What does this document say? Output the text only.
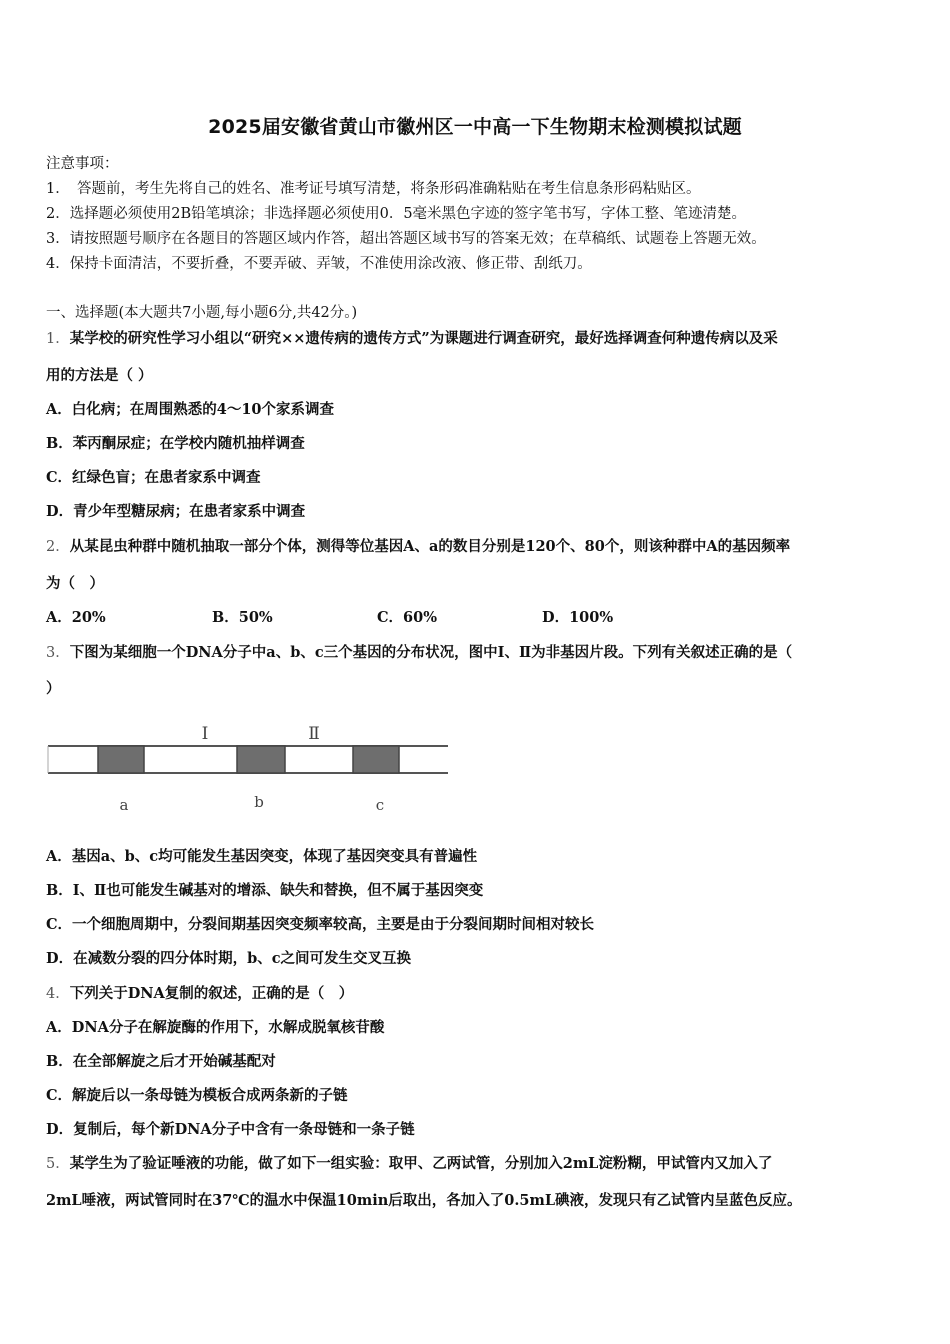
2025届安徽省黄山市徽州区一中高一下生物期末检测模拟试题
注意事项：
1．　答题前，考生先将自己的姓名、准考证号填写清楚，将条形码准确粘贴在考生信息条形码粘贴区。
2．选择题必须使用2B铅笔填涂；非选择题必须使用0．5毫米黑色字迹的签字笔书写，字体工整、笔迹清楚。
3．请按照题号顺序在各题目的答题区域内作答，超出答题区域书写的答案无效；在草稿纸、试题卷上答题无效。
4．保持卡面清洁，不要折叠，不要弄破、弄皱，不准使用涂改液、修正带、刮纸刀。
一、选择题(本大题共7小题,每小题6分,共42分。)
1．某学校的研究性学习小组以“研究××遗传病的遗传方式”为课题进行调查研究，最好选择调查何种遗传病以及采
用的方法是（ ）
A．白化病；在周围熟悉的4～10个家系调查
B．苯丙酮尿症；在学校内随机抽样调查
C．红绿色盲；在患者家系中调查
D．青少年型糖尿病；在患者家系中调查
2．从某昆虫种群中随机抽取一部分个体，测得等位基因A、a的数目分别是120个、80个，则该种群中A的基因频率
为（　）
A．20%	B．50%	C．60%	D．100%
3．下图为某细胞一个DNA分子中a、b、c三个基因的分布状况，图中Ⅰ、Ⅱ为非基因片段。下列有关叙述正确的是（
）
Ⅰ	Ⅱ
a	b	c
A．基因a、b、c均可能发生基因突变，体现了基因突变具有普遍性
B．Ⅰ、Ⅱ也可能发生碱基对的增添、缺失和替换，但不属于基因突变
C．一个细胞周期中，分裂间期基因突变频率较高，主要是由于分裂间期时间相对较长
D．在减数分裂的四分体时期，b、c之间可发生交叉互换
4．下列关于DNA复制的叙述，正确的是（　）
A．DNA分子在解旋酶的作用下，水解成脱氧核苷酸
B．在全部解旋之后才开始碱基配对
C．解旋后以一条母链为模板合成两条新的子链
D．复制后，每个新DNA分子中含有一条母链和一条子链
5．某学生为了验证唾液的功能，做了如下一组实验：取甲、乙两试管，分别加入2mL淀粉糊，甲试管内又加入了
2mL唾液，两试管同时在37℃的温水中保温10min后取出，各加入了0.5mL碘液，发现只有乙试管内呈蓝色反应。
